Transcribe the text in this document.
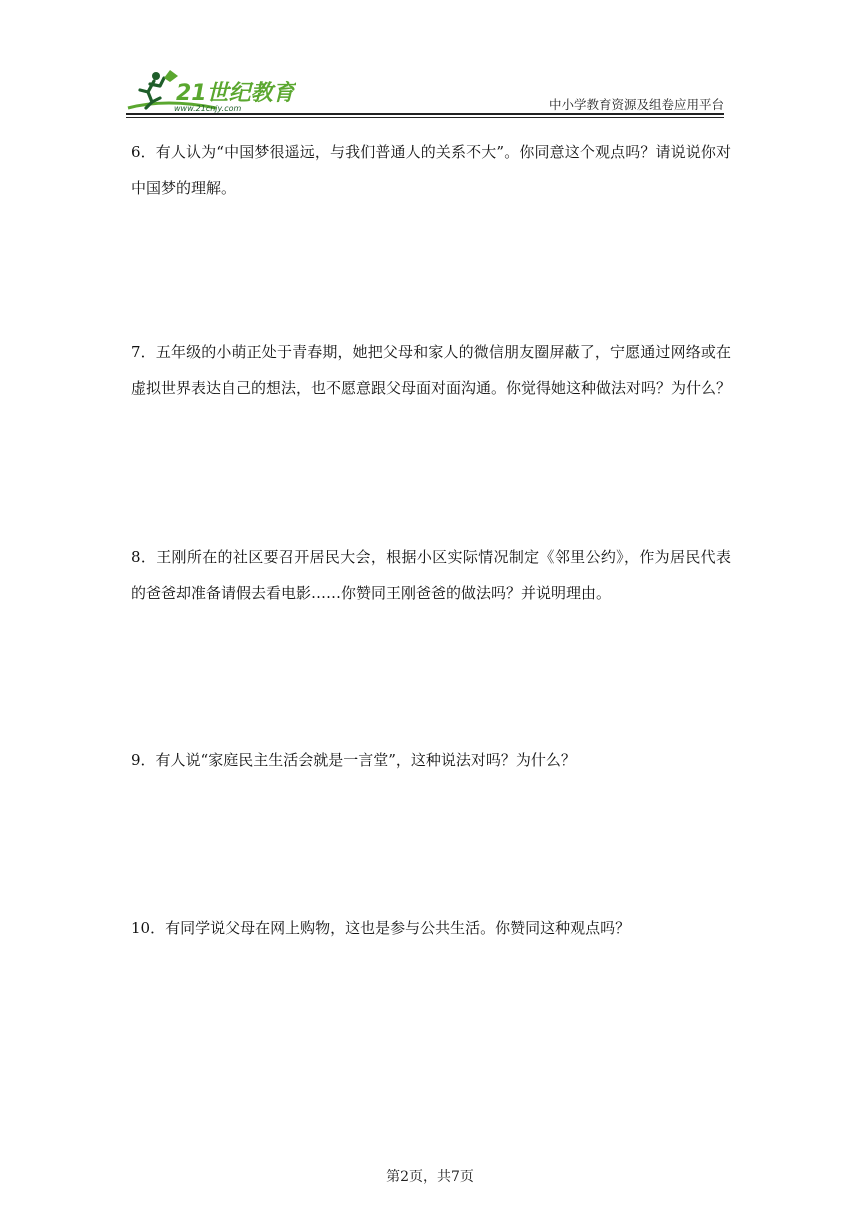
21世纪教育
www.21cnjy.com	中小学教育资源及组卷应用平台

6．有人认为“中国梦很遥远，与我们普通人的关系不大”。你同意这个观点吗？请说说你对中国梦的理解。

7．五年级的小萌正处于青春期，她把父母和家人的微信朋友圈屏蔽了，宁愿通过网络或在虚拟世界表达自己的想法，也不愿意跟父母面对面沟通。你觉得她这种做法对吗？为什么？

8．王刚所在的社区要召开居民大会，根据小区实际情况制定《邻里公约》，作为居民代表的爸爸却准备请假去看电影……你赞同王刚爸爸的做法吗？并说明理由。

9．有人说“家庭民主生活会就是一言堂”，这种说法对吗？为什么？

10．有同学说父母在网上购物，这也是参与公共生活。你赞同这种观点吗？

第2页，共7页
